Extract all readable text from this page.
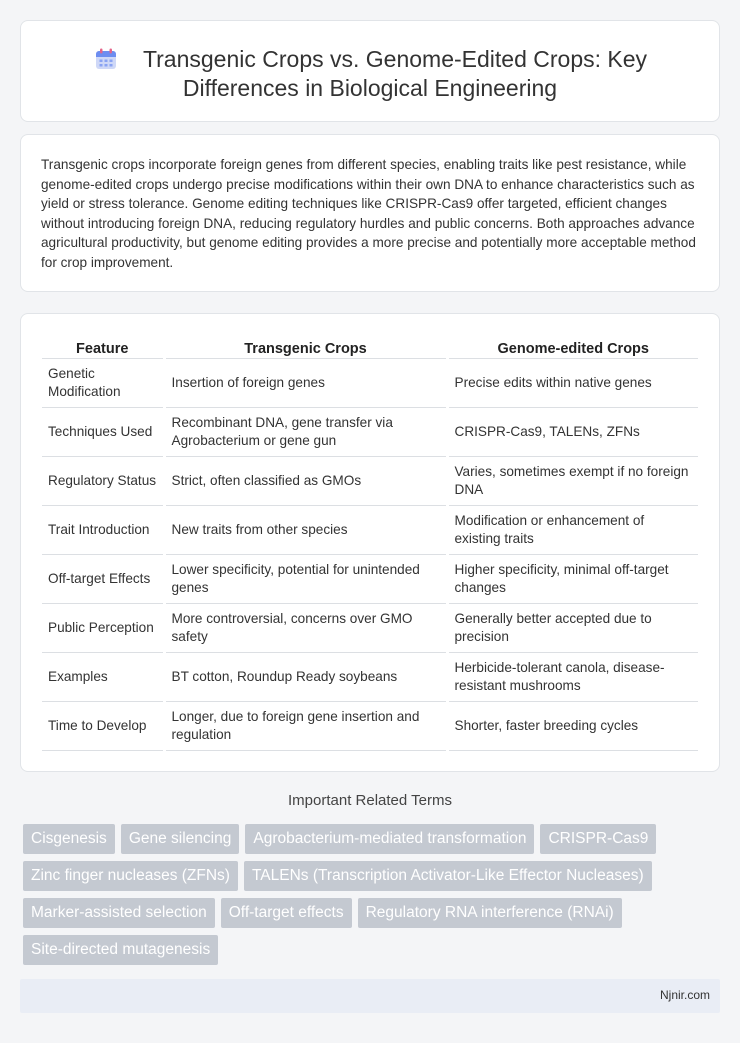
Transgenic Crops vs. Genome-Edited Crops: Key
Differences in Biological Engineering

Transgenic crops incorporate foreign genes from different species, enabling traits like pest resistance, while genome-edited crops undergo precise modifications within their own DNA to enhance characteristics such as yield or stress tolerance. Genome editing techniques like CRISPR-Cas9 offer targeted, efficient changes without introducing foreign DNA, reducing regulatory hurdles and public concerns. Both approaches advance agricultural productivity, but genome editing provides a more precise and potentially more acceptable method for crop improvement.

Feature	Transgenic Crops	Genome-edited Crops
Genetic Modification	Insertion of foreign genes	Precise edits within native genes
Techniques Used	Recombinant DNA, gene transfer via Agrobacterium or gene gun	CRISPR-Cas9, TALENs, ZFNs
Regulatory Status	Strict, often classified as GMOs	Varies, sometimes exempt if no foreign DNA
Trait Introduction	New traits from other species	Modification or enhancement of existing traits
Off-target Effects	Lower specificity, potential for unintended genes	Higher specificity, minimal off-target changes
Public Perception	More controversial, concerns over GMO safety	Generally better accepted due to precision
Examples	BT cotton, Roundup Ready soybeans	Herbicide-tolerant canola, disease-resistant mushrooms
Time to Develop	Longer, due to foreign gene insertion and regulation	Shorter, faster breeding cycles
Important Related Terms
Cisgenesis	Gene silencing	Agrobacterium-mediated transformation	CRISPR-Cas9
Zinc finger nucleases (ZFNs)	TALENs (Transcription Activator-Like Effector Nucleases)
Marker-assisted selection	Off-target effects	Regulatory RNA interference (RNAi)
Site-directed mutagenesis
Njnir.com
